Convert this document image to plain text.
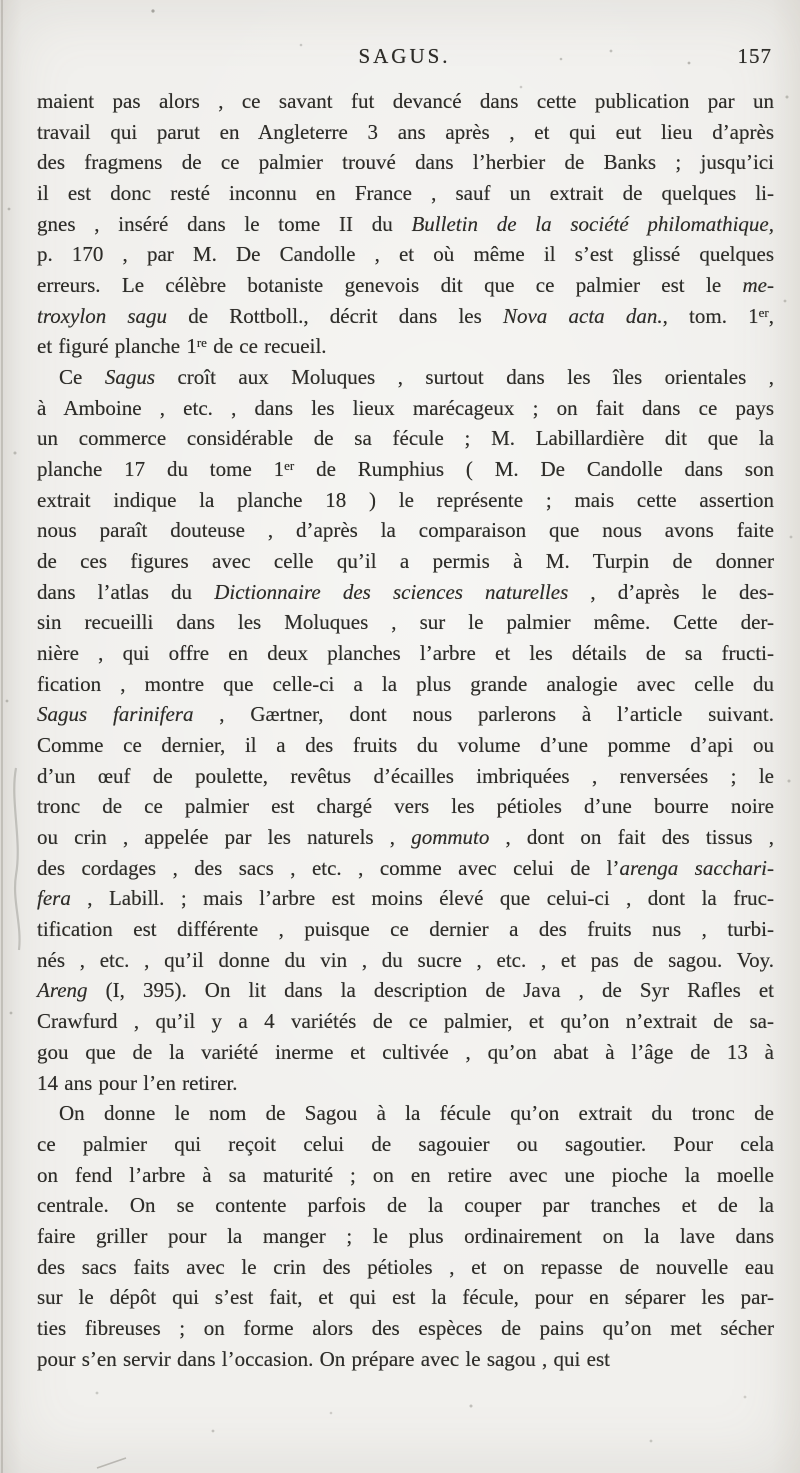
SAGUS.	157
maient pas alors , ce savant fut devancé dans cette publication par un
travail qui parut en Angleterre 3 ans après , et qui eut lieu d’après
des fragmens de ce palmier trouvé dans l’herbier de Banks ; jusqu’ici
il est donc resté inconnu en France , sauf un extrait de quelques li-
gnes , inséré dans le tome II du Bulletin de la société philomathique,
p. 170 , par M. De Candolle , et où même il s’est glissé quelques
erreurs. Le célèbre botaniste genevois dit que ce palmier est le me-
troxylon sagu de Rottboll., décrit dans les Nova acta dan., tom. 1er,
et figuré planche 1re de ce recueil.
Ce Sagus croît aux Moluques , surtout dans les îles orientales ,
à Amboine , etc. , dans les lieux marécageux ; on fait dans ce pays
un commerce considérable de sa fécule ; M. Labillardière dit que la
planche 17 du tome 1er de Rumphius ( M. De Candolle dans son
extrait indique la planche 18 ) le représente ; mais cette assertion
nous paraît douteuse , d’après la comparaison que nous avons faite
de ces figures avec celle qu’il a permis à M. Turpin de donner
dans l’atlas du Dictionnaire des sciences naturelles , d’après le des-
sin recueilli dans les Moluques , sur le palmier même. Cette der-
nière , qui offre en deux planches l’arbre et les détails de sa fructi-
fication , montre que celle-ci a la plus grande analogie avec celle du
Sagus farinifera , Gærtner, dont nous parlerons à l’article suivant.
Comme ce dernier, il a des fruits du volume d’une pomme d’api ou
d’un œuf de poulette, revêtus d’écailles imbriquées , renversées ; le
tronc de ce palmier est chargé vers les pétioles d’une bourre noire
ou crin , appelée par les naturels , gommuto , dont on fait des tissus ,
des cordages , des sacs , etc. , comme avec celui de l’arenga sacchari-
fera , Labill. ; mais l’arbre est moins élevé que celui-ci , dont la fruc-
tification est différente , puisque ce dernier a des fruits nus , turbi-
nés , etc. , qu’il donne du vin , du sucre , etc. , et pas de sagou. Voy.
Areng (I, 395). On lit dans la description de Java , de Syr Rafles et
Crawfurd , qu’il y a 4 variétés de ce palmier, et qu’on n’extrait de sa-
gou que de la variété inerme et cultivée , qu’on abat à l’âge de 13 à
14 ans pour l’en retirer.
On donne le nom de Sagou à la fécule qu’on extrait du tronc de
ce palmier qui reçoit celui de sagouier ou sagoutier. Pour cela
on fend l’arbre à sa maturité ; on en retire avec une pioche la moelle
centrale. On se contente parfois de la couper par tranches et de la
faire griller pour la manger ; le plus ordinairement on la lave dans
des sacs faits avec le crin des pétioles , et on repasse de nouvelle eau
sur le dépôt qui s’est fait, et qui est la fécule, pour en séparer les par-
ties fibreuses ; on forme alors des espèces de pains qu’on met sécher
pour s’en servir dans l’occasion. On prépare avec le sagou , qui est
